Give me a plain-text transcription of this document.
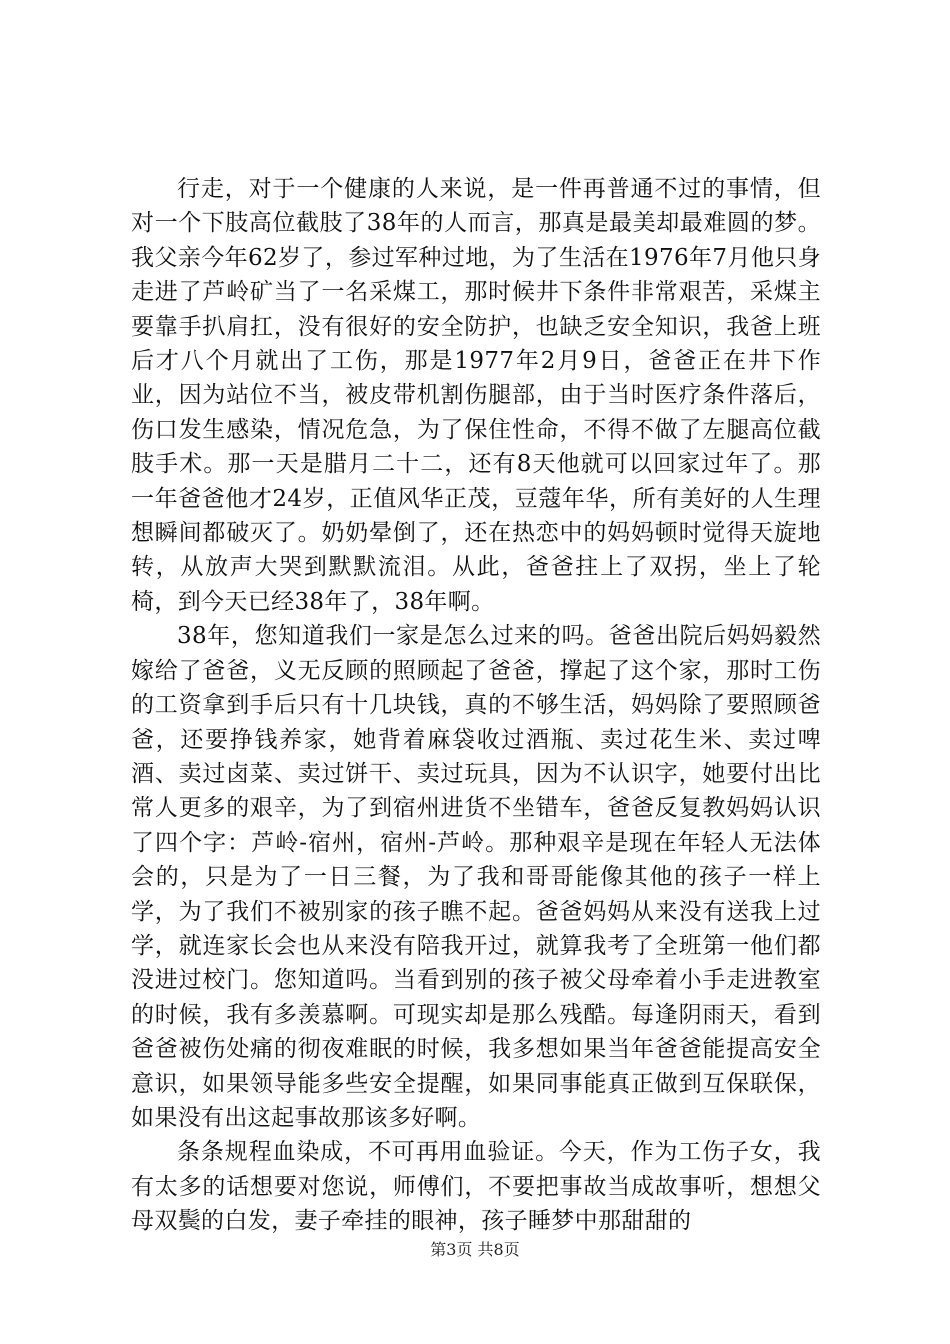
行走，对于一个健康的人来说，是一件再普通不过的事情，但对一个下肢高位截肢了38年的人而言，那真是最美却最难圆的梦。我父亲今年62岁了，参过军种过地，为了生活在1976年7月他只身走进了芦岭矿当了一名采煤工，那时候井下条件非常艰苦，采煤主要靠手扒肩扛，没有很好的安全防护，也缺乏安全知识，我爸上班后才八个月就出了工伤，那是1977年2月9日，爸爸正在井下作业，因为站位不当，被皮带机割伤腿部，由于当时医疗条件落后，伤口发生感染，情况危急，为了保住性命，不得不做了左腿高位截肢手术。那一天是腊月二十二，还有8天他就可以回家过年了。那一年爸爸他才24岁，正值风华正茂，豆蔻年华，所有美好的人生理想瞬间都破灭了。奶奶晕倒了，还在热恋中的妈妈顿时觉得天旋地转，从放声大哭到默默流泪。从此，爸爸拄上了双拐，坐上了轮椅，到今天已经38年了，38年啊。

38年，您知道我们一家是怎么过来的吗。爸爸出院后妈妈毅然嫁给了爸爸，义无反顾的照顾起了爸爸，撑起了这个家，那时工伤的工资拿到手后只有十几块钱，真的不够生活，妈妈除了要照顾爸爸，还要挣钱养家，她背着麻袋收过酒瓶、卖过花生米、卖过啤酒、卖过卤菜、卖过饼干、卖过玩具，因为不认识字，她要付出比常人更多的艰辛，为了到宿州进货不坐错车，爸爸反复教妈妈认识了四个字：芦岭-宿州，宿州-芦岭。那种艰辛是现在年轻人无法体会的，只是为了一日三餐，为了我和哥哥能像其他的孩子一样上学，为了我们不被别家的孩子瞧不起。爸爸妈妈从来没有送我上过学，就连家长会也从来没有陪我开过，就算我考了全班第一他们都没进过校门。您知道吗。当看到别的孩子被父母牵着小手走进教室的时候，我有多羡慕啊。可现实却是那么残酷。每逢阴雨天，看到爸爸被伤处痛的彻夜难眠的时候，我多想如果当年爸爸能提高安全意识，如果领导能多些安全提醒，如果同事能真正做到互保联保，如果没有出这起事故那该多好啊。

条条规程血染成，不可再用血验证。今天，作为工伤子女，我有太多的话想要对您说，师傅们，不要把事故当成故事听，想想父母双鬓的白发，妻子牵挂的眼神，孩子睡梦中那甜甜的

第3页 共8页
